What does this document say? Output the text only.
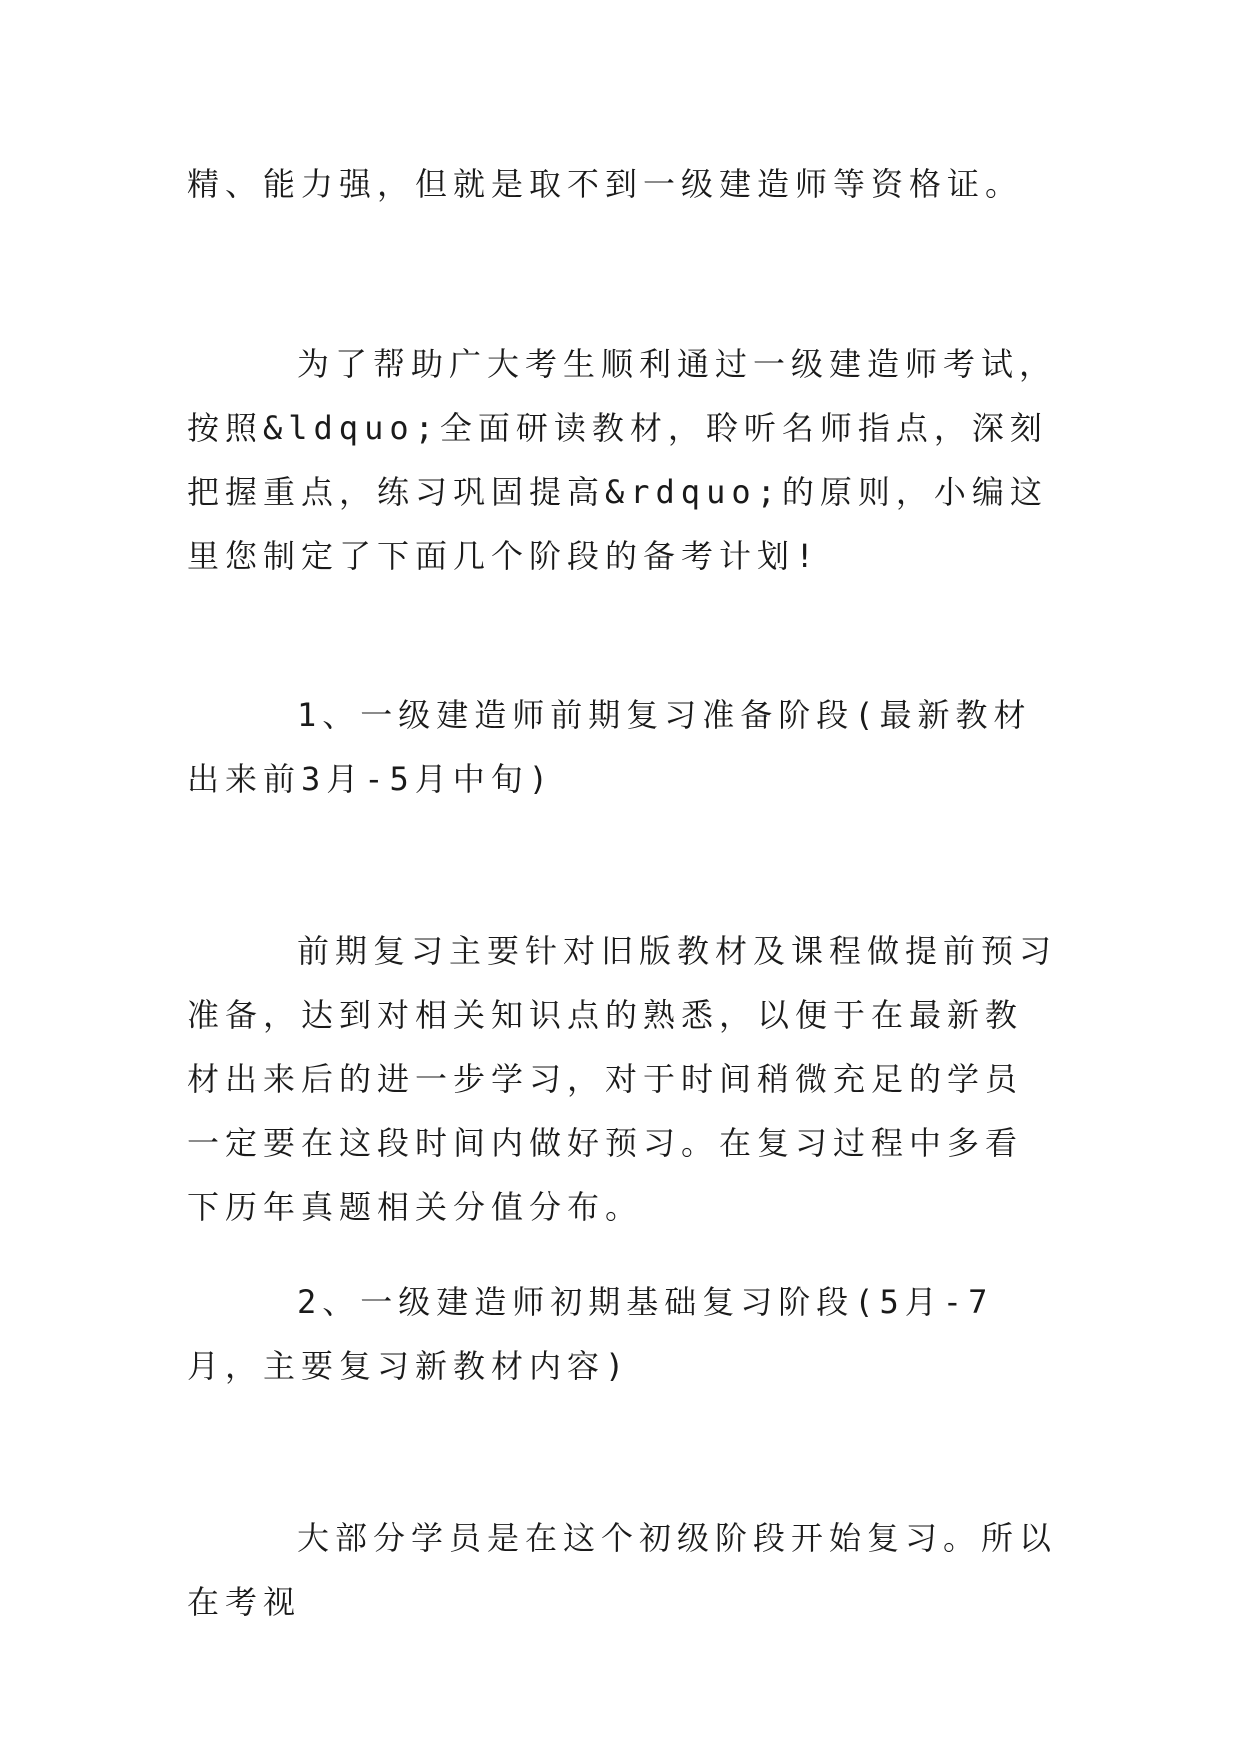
精、能力强，但就是取不到一级建造师等资格证。

为了帮助广大考生顺利通过一级建造师考试，按照&ldquo;全面研读教材，聆听名师指点，深刻把握重点，练习巩固提高&rdquo;的原则，小编这里您制定了下面几个阶段的备考计划!

1、一级建造师前期复习准备阶段(最新教材出来前3月-5月中旬)

前期复习主要针对旧版教材及课程做提前预习准备，达到对相关知识点的熟悉，以便于在最新教材出来后的进一步学习，对于时间稍微充足的学员一定要在这段时间内做好预习。在复习过程中多看下历年真题相关分值分布。

2、一级建造师初期基础复习阶段(5月-7月，主要复习新教材内容)

大部分学员是在这个初级阶段开始复习。所以在考视
